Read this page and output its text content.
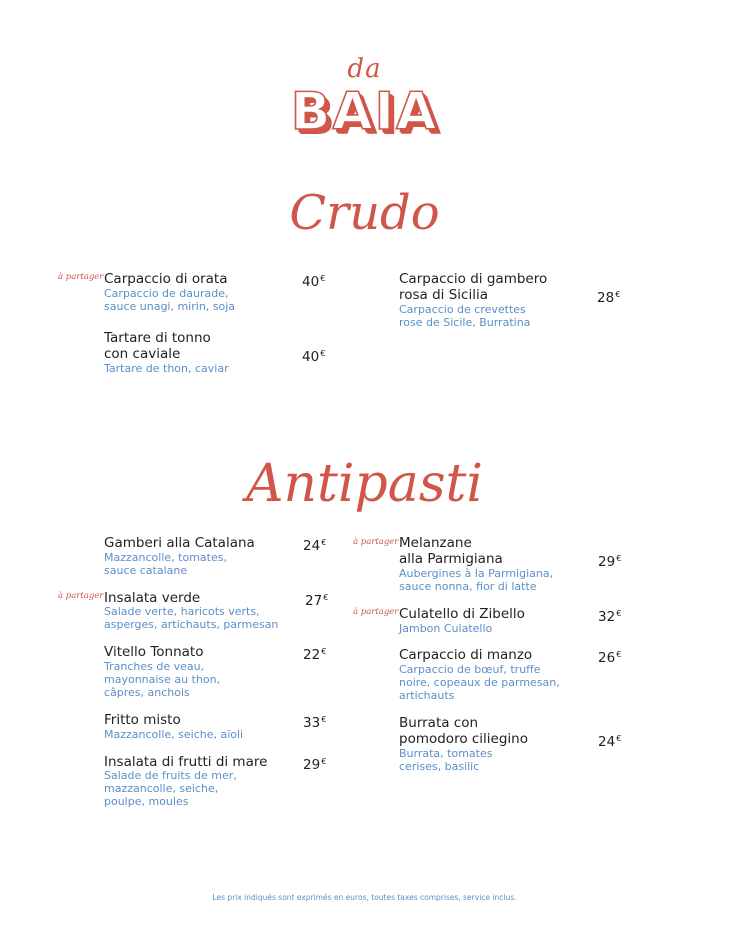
da
BAIA
Crudo
à partager Carpaccio di orata
Carpaccio de daurade,
sauce unagi, mirin, soja
40€
Tartare di tonno
con caviale
Tartare de thon, caviar
40€
Carpaccio di gambero
rosa di Sicilia
Carpaccio de crevettes
rose de Sicile, Burratina
28€
Antipasti
Gamberi alla Catalana
Mazzancolle, tomates,
sauce catalane
24€
à partager Insalata verde
Salade verte, haricots verts,
asperges, artichauts, parmesan
27€
Vitello Tonnato
Tranches de veau,
mayonnaise au thon,
câpres, anchois
22€
Fritto misto
Mazzancolle, seiche, aïoli
33€
Insalata di frutti di mare
Salade de fruits de mer,
mazzancolle, seiche,
poulpe, moules
29€
à partager Melanzane
alla Parmigiana
Aubergines à la Parmigiana,
sauce nonna, fior di latte
29€
à partager Culatello di Zibello
Jambon Culatello
32€
Carpaccio di manzo
Carpaccio de bœuf, truffe
noire, copeaux de parmesan,
artichauts
26€
Burrata con
pomodoro ciliegino
Burrata, tomates
cerises, basilic
24€
Les prix indiqués sont exprimés en euros, toutes taxes comprises, service inclus.
